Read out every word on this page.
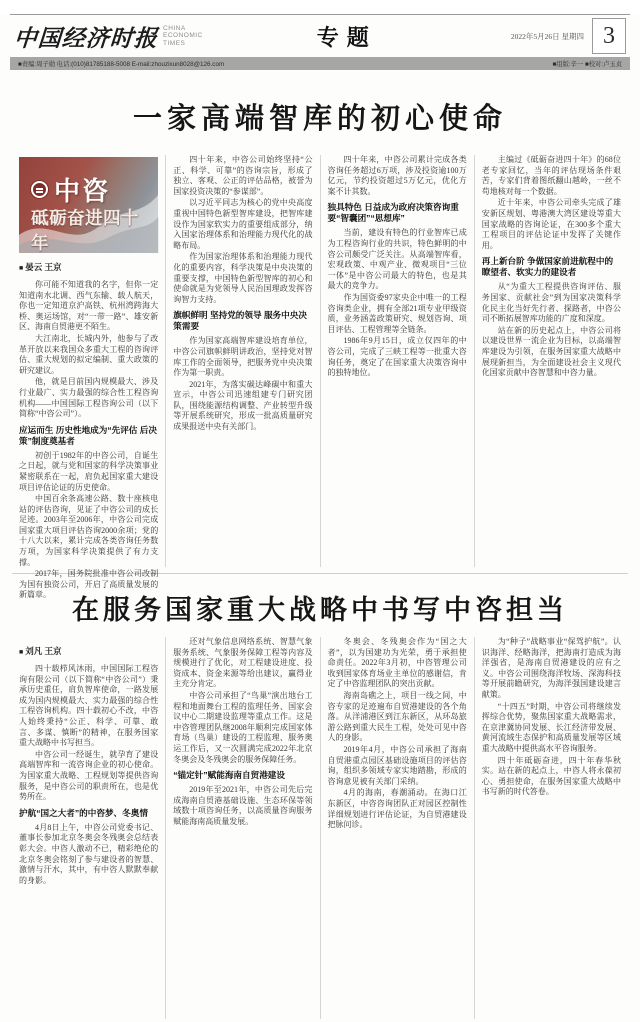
中国经济时报 CHINA
ECONOMIC
TIMES	专题	2022年5月26日 星期四 3
■责编:周子勋 电话:(010)81785188-5008 E-mail:zhouzixun8028@126.com	■组版:辛一 ■校对:卢玉贞
一家高端智库的初心使命
中咨
砥砺奋进四十年
■ 晏云 王京

你可能不知道我的名字，但你一定知道南水北调、西气东输、载人航天，你也一定知道京沪高铁、杭州湾跨海大桥、奥运场馆，对“一带一路”、雄安新区、海南自贸港更不陌生。

大江南北，长城内外，他参与了改革开放以来我国众多重大工程的咨询评估、重大规划的拟定编制、重大政策的研究建议。

他，就是目前国内规模最大、涉及行业最广、实力最强的综合性工程咨询机构——中国国际工程咨询公司（以下简称“中咨公司”）。

应运而生 历史性地成为“先评估 后决策”制度奠基者

初创于1982年的中咨公司，自诞生之日起，就与党和国家的科学决策事业紧密联系在一起，肩负起国家重大建设项目评估论证的历史使命。

中国百余条高速公路、数十座核电站的评估咨询，见证了中咨公司的成长足迹。2003年至2006年，中咨公司完成国家重大项目评估咨询2000余项；党的十八大以来，累计完成各类咨询任务数万项，为国家科学决策提供了有力支撑。

2017年，国务院批准中咨公司改制为国有独资公司，开启了高质量发展的新篇章。

四十年来，中咨公司始终坚持“公正、科学、可靠”的咨询宗旨，形成了独立、客观、公正的评估品格，被誉为国家投资决策的“参谋部”。

以习近平同志为核心的党中央高度重视中国特色新型智库建设，把智库建设作为国家软实力的重要组成部分，纳入国家治理体系和治理能力现代化的战略布局。

作为国家治理体系和治理能力现代化的重要内容，科学决策是中央决策的重要支撑，中国特色新型智库的初心和使命就是为党领导人民治国理政发挥咨询智力支持。

旗帜鲜明 坚持党的领导 服务中央决策需要

作为国家高端智库建设培育单位，中咨公司旗帜鲜明讲政治，坚持党对智库工作的全面领导，把服务党中央决策作为第一职责。

2021年，为落实碳达峰碳中和重大宣示，中咨公司迅速组建专门研究团队，围绕能源结构调整、产业转型升级等开展系统研究，形成一批高质量研究成果报送中央有关部门。

四十年来，中咨公司累计完成各类咨询任务超过6万项，涉及投资逾100万亿元，节约投资超过5万亿元，优化方案不计其数。

独具特色 日益成为政府决策咨询重要“智囊团”“思想库”

当前，建设有特色的行业智库已成为工程咨询行业的共识，特色鲜明的中咨公司颇受广泛关注。从高端智库看，宏观政策、中观产业、微观项目“三位一体”是中咨公司最大的特色，也是其最大的竞争力。

作为国资委97家央企中唯一的工程咨询类企业，拥有全部21项专业甲级资质，业务涵盖政策研究、规划咨询、项目评估、工程管理等全链条。

1986年9月15日，成立仅四年的中咨公司，完成了三峡工程等一批重大咨询任务，奠定了在国家重大决策咨询中的独特地位。

主编过《砥砺奋进四十年》的68位老专家回忆，当年的评估现场条件艰苦，专家们背着图纸翻山越岭，一丝不苟地核对每一个数据。

近十年来，中咨公司牵头完成了雄安新区规划、粤港澳大湾区建设等重大国家战略的咨询论证，在300多个重大工程项目的评估论证中发挥了关键作用。

再上新台阶 争做国家前进航程中的瞭望者、软实力的建设者

从“为重大工程提供咨询评估、服务国家、贡献社会”到为国家决策科学化民主化当好先行者、探路者，中咨公司不断拓展智库功能的广度和深度。

站在新的历史起点上，中咨公司将以建设世界一流企业为目标，以高端智库建设为引领，在服务国家重大战略中展现新担当，为全面建设社会主义现代化国家贡献中咨智慧和中咨力量。

在服务国家重大战略中书写中咨担当
■ 刘凡 王京

四十载栉风沐雨，中国国际工程咨询有限公司（以下简称“中咨公司”）秉承历史重任，肩负智库使命，一路发展成为国内规模最大、实力最强的综合性工程咨询机构。四十载初心不改，中咨人始终秉持“公正、科学、可靠、敢言、多谋、慎断”的精神，在服务国家重大战略中书写担当。

中咨公司一经诞生，就孕育了建设高端智库和一流咨询企业的初心使命。为国家重大战略、工程规划等提供咨询服务，是中咨公司的职责所在，也是优势所在。

护航“国之大者”的中咨梦、冬奥情

4月8日上午，中咨公司党委书记、董事长参加北京冬奥会冬残奥会总结表彰大会。中咨人激动不已，精彩绝伦的北京冬奥会铭刻了参与建设者的智慧、激情与汗水，其中，有中咨人默默奉献的身影。

还对气象信息网络系统、智慧气象服务系统、气象服务保障工程等内容及规模进行了优化，对工程建设进度、投资成本、资金来源等给出建议，赢得业主充分肯定。

中咨公司承担了“鸟巢”演出地台工程和地面舞台工程的监理任务、国家会议中心二期建设监理等重点工作。这是中咨管理团队继2008年顺利完成国家体育场（鸟巢）建设的工程监理、服务奥运工作后，又一次圆满完成2022年北京冬奥会及冬残奥会的服务保障任务。

“锚定针”赋能海南自贸港建设

2019年至2021年，中咨公司先后完成海南自贸港基础设施、生态环保等领域数十项咨询任务，以高质量咨询服务赋能海南高质量发展。

冬奥会、冬残奥会作为“国之大者”，以为国建功为光荣，勇于承担使命责任。2022年3月初，中咨管理公司收到国家体育场业主单位的感谢信，肯定了中咨监理团队的突出贡献。

海南岛礁之上，项目一线之间，中咨专家的足迹遍布自贸港建设的各个角落。从洋浦港区到江东新区，从环岛旅游公路到重大民生工程，处处可见中咨人的身影。

2019年4月，中咨公司承担了海南自贸港重点园区基础设施项目的评估咨询，组织多领域专家实地踏勘，形成的咨询意见被有关部门采纳。

4月的海南，春潮涌动。在海口江东新区，中咨咨询团队正对园区控制性详细规划进行评估论证，为自贸港建设把脉问诊。

为“种子”战略事业“保驾护航”。认识海洋、经略海洋，把海南打造成为海洋强省，是海南自贸港建设的应有之义。中咨公司围绕海洋牧场、深海科技等开展前瞻研究，为海洋强国建设建言献策。

“十四五”时期，中咨公司将继续发挥综合优势，聚焦国家重大战略需求，在京津冀协同发展、长江经济带发展、黄河流域生态保护和高质量发展等区域重大战略中提供高水平咨询服务。

四十年砥砺奋进，四十年春华秋实。站在新的起点上，中咨人将永葆初心、勇担使命，在服务国家重大战略中书写新的时代答卷。
